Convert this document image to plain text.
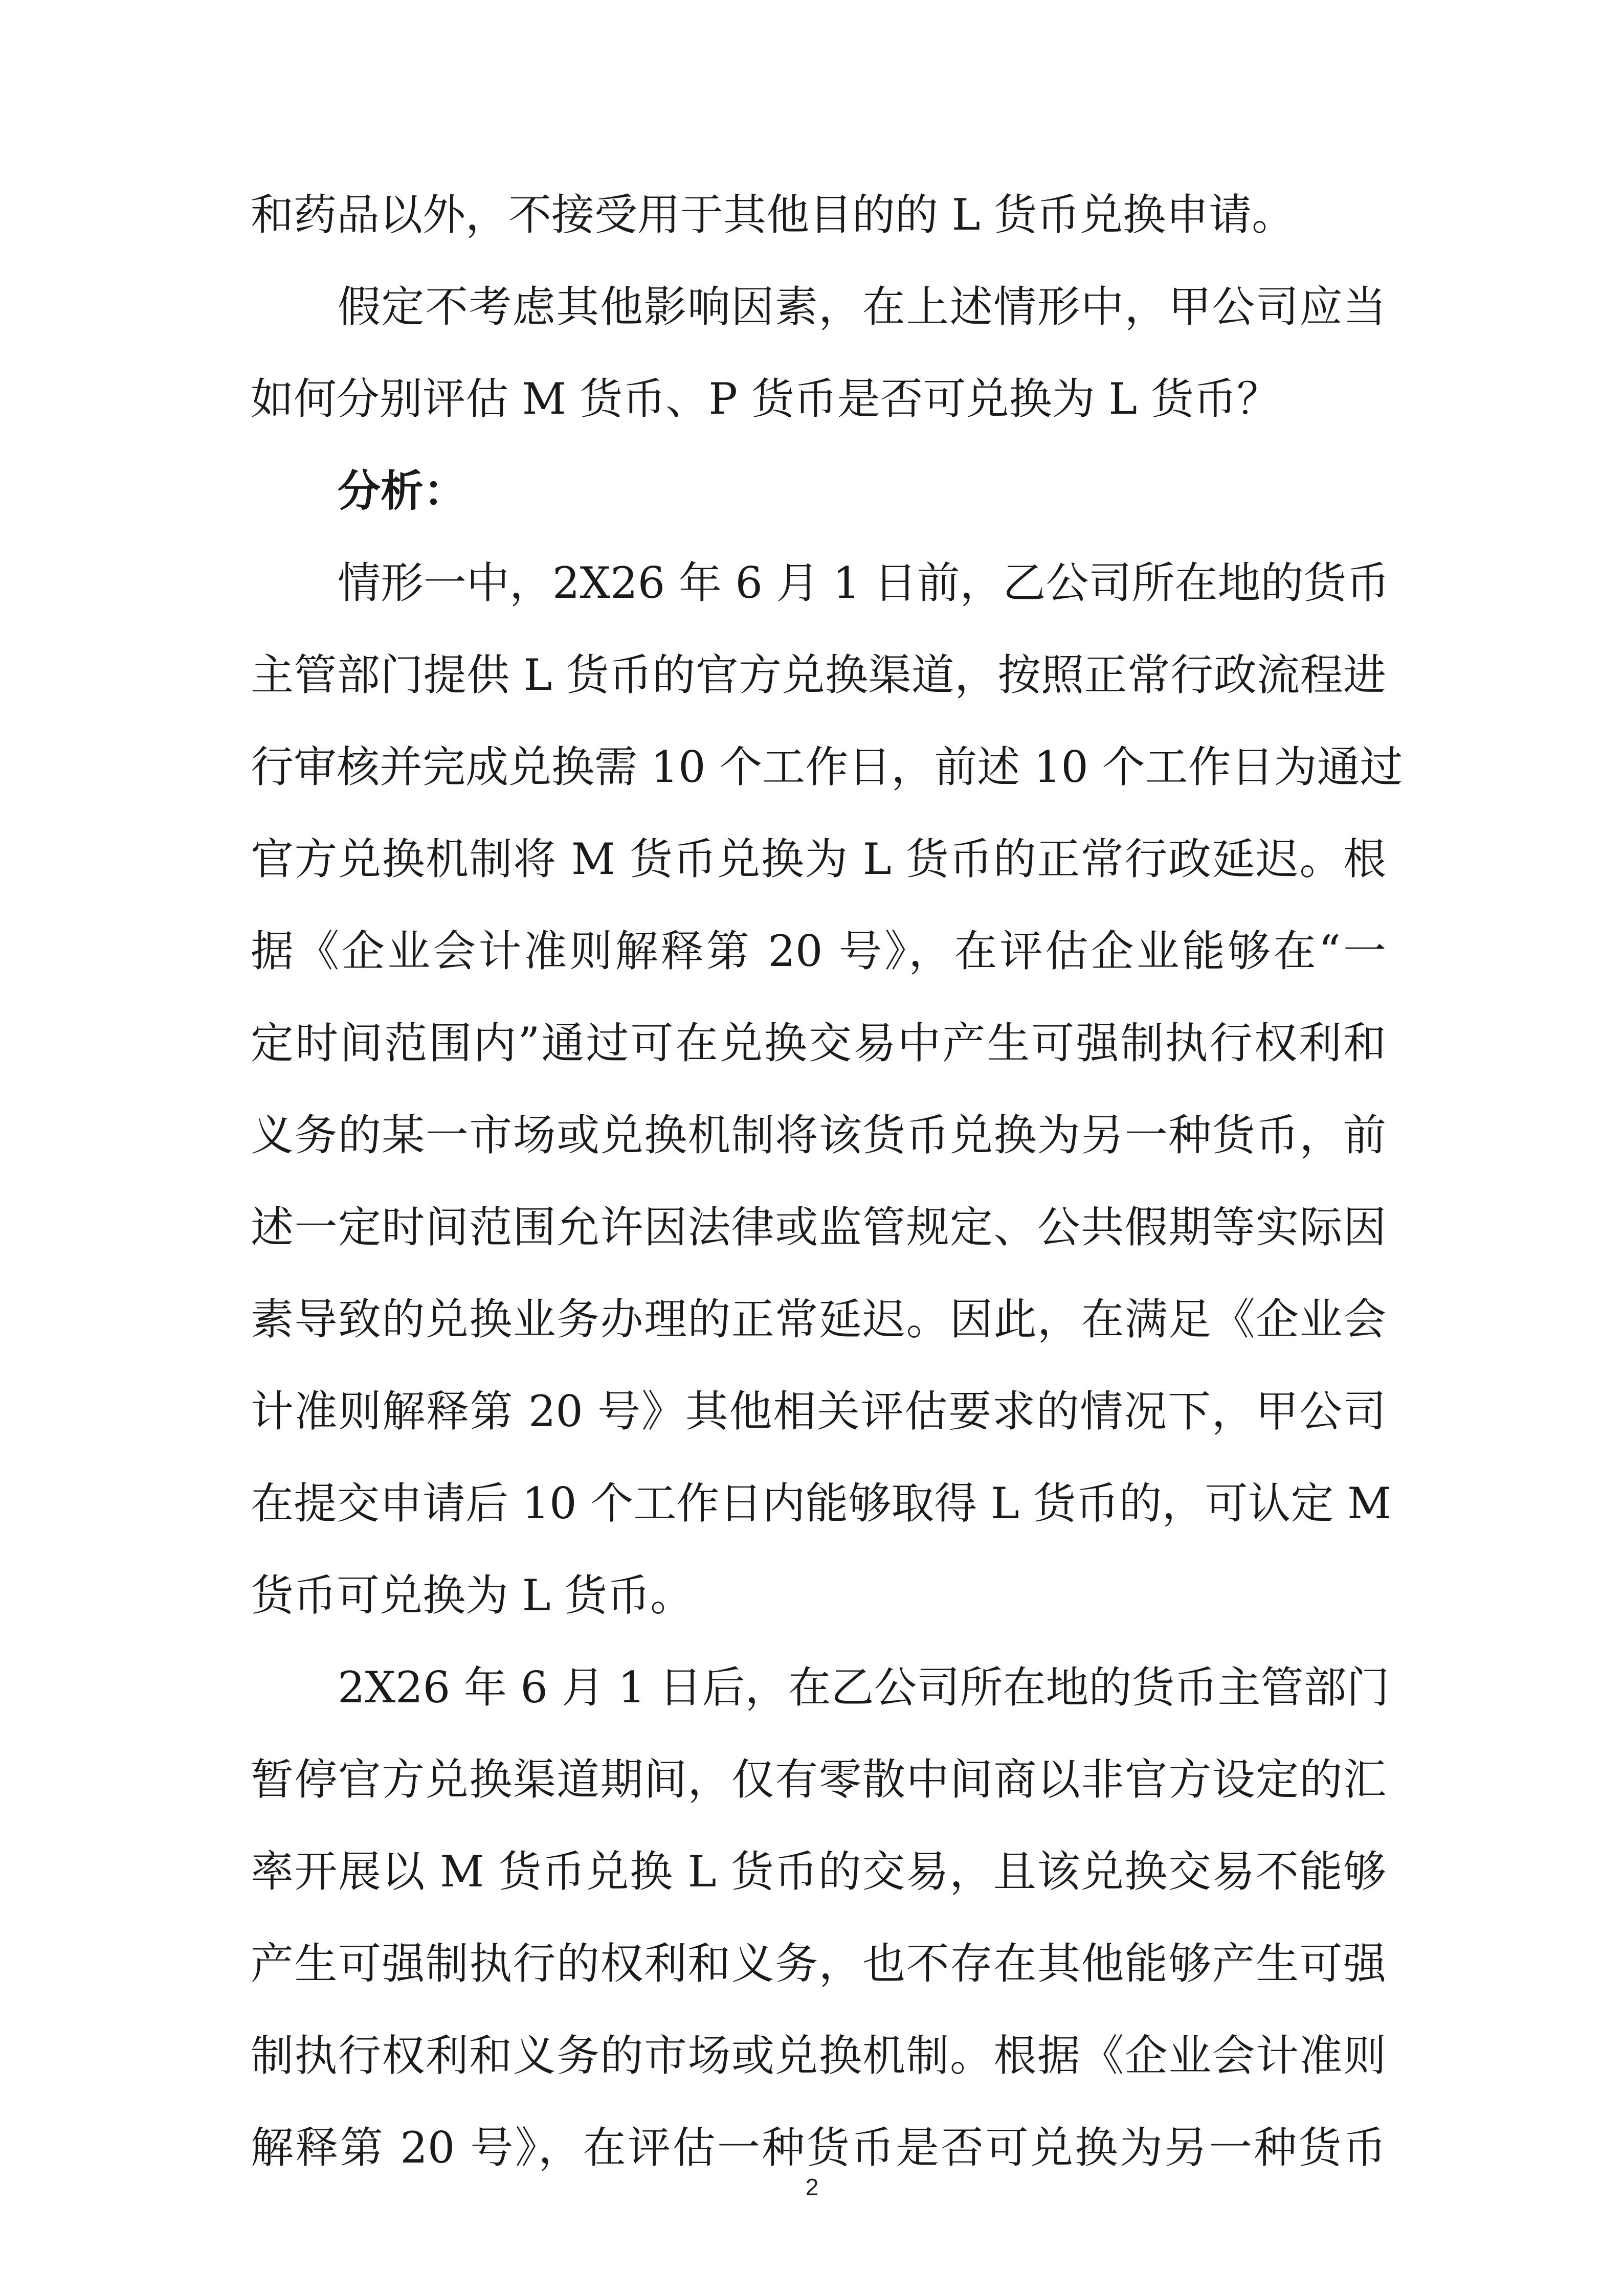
和药品以外，不接受用于其他目的的 L 货币兑换申请。
假定不考虑其他影响因素，在上述情形中，甲公司应当
如何分别评估 M 货币、P 货币是否可兑换为 L 货币？
分析：
情形一中，2X26 年 6 月 1 日前，乙公司所在地的货币
主管部门提供 L 货币的官方兑换渠道，按照正常行政流程进
行审核并完成兑换需 10 个工作日，前述 10 个工作日为通过
官方兑换机制将 M 货币兑换为 L 货币的正常行政延迟。根
据《企业会计准则解释第 20 号》，在评估企业能够在“一
定时间范围内”通过可在兑换交易中产生可强制执行权利和
义务的某一市场或兑换机制将该货币兑换为另一种货币，前
述一定时间范围允许因法律或监管规定、公共假期等实际因
素导致的兑换业务办理的正常延迟。因此，在满足《企业会
计准则解释第 20 号》其他相关评估要求的情况下，甲公司
在提交申请后 10 个工作日内能够取得 L 货币的，可认定 M
货币可兑换为 L 货币。
2X26 年 6 月 1 日后，在乙公司所在地的货币主管部门
暂停官方兑换渠道期间，仅有零散中间商以非官方设定的汇
率开展以 M 货币兑换 L 货币的交易，且该兑换交易不能够
产生可强制执行的权利和义务，也不存在其他能够产生可强
制执行权利和义务的市场或兑换机制。根据《企业会计准则
解释第 20 号》，在评估一种货币是否可兑换为另一种货币
2
